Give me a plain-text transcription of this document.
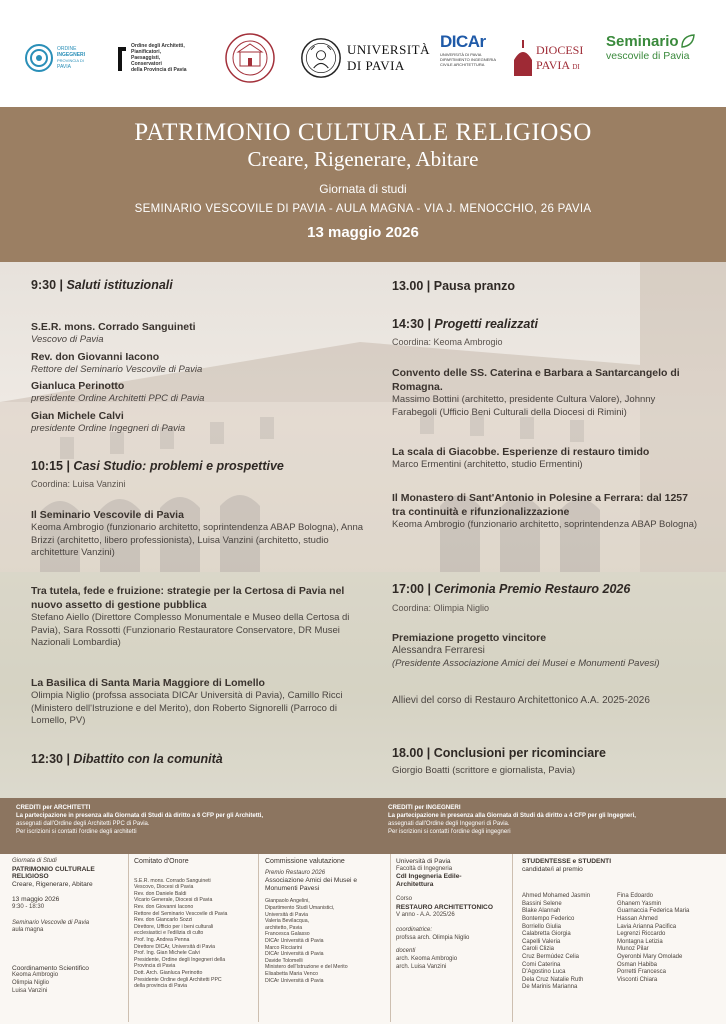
ORDINE
INGEGNERI
PROVINCIA DI
PAVIA
Ordine degli Architetti,
Pianificatori,
Paesaggisti,
Conservatori
della Provincia di Pavia
UNIVERSITÀ
DI PAVIA
DICAr
UNIVERSITÀ DI PAVIA
DIPARTIMENTO INGEGNERIA
CIVILE ARCHITETTURA
DIOCESI
PAVIA DI
Seminario
vescovile di Pavia
PATRIMONIO CULTURALE RELIGIOSO
Creare, Rigenerare, Abitare
Giornata di studi
SEMINARIO VESCOVILE DI PAVIA - AULA MAGNA - VIA J. MENOCCHIO, 26 PAVIA
13 maggio 2026
9:30 | Saluti istituzionali
S.E.R. mons. Corrado Sanguineti
Vescovo di Pavia
Rev. don Giovanni Iacono
Rettore del Seminario Vescovile di Pavia
Gianluca Perinotto
presidente Ordine Architetti PPC di Pavia
Gian Michele Calvi
presidente Ordine Ingegneri di Pavia
10:15 | Casi Studio: problemi e prospettive
Coordina: Luisa Vanzini
Il Seminario Vescovile di Pavia
Keoma Ambrogio (funzionario architetto, soprintendenza ABAP Bologna), Anna Brizzi (architetto, libero professionista), Luisa Vanzini (architetto, studio architetture Vanzini)
Tra tutela, fede e fruizione: strategie per la Certosa di Pavia nel nuovo assetto di gestione pubblica
Stefano Aiello (Direttore Complesso Monumentale e Museo della Certosa di Pavia), Sara Rossotti (Funzionario Restauratore Conservatore, DR Musei Nazionali Lombardia)
La Basilica di Santa Maria Maggiore di Lomello
Olimpia Niglio (profssa associata DICAr Università di Pavia), Camillo Ricci (Ministero dell'Istruzione e del Merito), don Roberto Signorelli (Parroco di Lomello, PV)
12:30 | Dibattito con la comunità
13.00 | Pausa pranzo
14:30 | Progetti realizzati
Coordina: Keoma Ambrogio
Convento delle SS. Caterina e Barbara a Santarcangelo di Romagna.
Massimo Bottini (architetto, presidente Cultura Valore), Johnny Farabegoli (Ufficio Beni Culturali della Diocesi di Rimini)
La scala di Giacobbe. Esperienze di restauro timido
Marco Ermentini (architetto, studio Ermentini)
Il Monastero di Sant'Antonio in Polesine a Ferrara: dal 1257 tra continuità e rifunzionalizzazione
Keoma Ambrogio (funzionario architetto, soprintendenza ABAP Bologna)
17:00 | Cerimonia Premio Restauro 2026
Coordina: Olimpia Niglio
Premiazione progetto vincitore
Alessandra Ferraresi
(Presidente Associazione Amici dei Musei e Monumenti Pavesi)
Allievi del corso di Restauro Architettonico A.A. 2025-2026
18.00 | Conclusioni per ricominciare
Giorgio Boatti (scrittore e giornalista, Pavia)
CREDITI per ARCHITETTI
La partecipazione in presenza alla Giornata di Studi dà diritto a 6 CFP per gli Architetti,
assegnati dall'Ordine degli Architetti PPC di Pavia.
Per iscrizioni si contatti l'ordine degli architetti
CREDITI per INGEGNERI
La partecipazione in presenza alla Giornata di Studi dà diritto a 4 CFP per gli Ingegneri,
assegnati dall'Ordine degli Ingegneri di Pavia.
Per iscrizioni si contatti l'ordine degli ingegneri
Giornata di Studi
PATRIMONIO CULTURALE
RELIGIOSO
Creare, Rigenerare, Abitare
13 maggio 2026
9:30 - 18:30
Seminario Vescovile di Pavia
aula magna
Coordinamento Scientifico
Keoma Ambrogio
Olimpia Niglio
Luisa Vanzini
Comitato d'Onore
S.E.R. mons. Corrado Sanguineti
Vescovo, Diocesi di Pavia
Rev. don Daniele Baldi
Vicario Generale, Diocesi di Pavia
Rev. don Giovanni Iacono
Rettore del Seminario Vescovile di Pavia
Rev. don Giancarlo Sozzi
Direttore, Ufficio per i beni culturali
ecclesiastici e l'edilizia di culto
Prof. Ing. Andrea Penna
Direttore DICAr, Università di Pavia
Prof. Ing. Gian Michele Calvi
Presidente, Ordine degli Ingegneri della
Provincia di Pavia
Dott. Arch. Gianluca Perinotto
Presidente Ordine degli Architetti PPC
della provincia di Pavia
Commissione valutazione
Premio Restauro 2026
Associazione Amici dei Musei e
Monumenti Pavesi
Gianpaolo Angelini,
Dipartimento Studi Umanistici,
Università di Pavia
Valeria Bevilacqua,
architetto, Pavia
Francesca Galasso
DICAr Università di Pavia
Marco Ricciarini
DICAr Università di Pavia
Davide Tolomelli
Ministero dell'Istruzione e del Merito
Elisabetta Maria Venco
DICAr Università di Pavia
Università di Pavia
Facoltà di Ingegneria
CdI Ingegneria Edile-
Architettura
Corso
RESTAURO ARCHITETTONICO
V anno - A.A. 2025/26
coordinatrice:
profssa arch. Olimpia Niglio
docenti
arch. Keoma Ambrogio
arch. Luisa Vanzini
STUDENTESSE e STUDENTI
candidate/i al premio
Ahmed Mohamed Jasmin
Bassini Selene
Blake Alannah
Bontempo Federico
Borriello Giulia
Calabretta Giorgia
Capelli Valeria
Caroli Clizia
Cruz Bermúdez Celia
Comi Caterina
D'Agostino Luca
Dela Cruz Natalie Ruth
De Marinis Marianna
Fina Edoardo
Ghanem Yasmin
Guarnaccia Federica Maria
Hassan Ahmed
Lavia Arianna Pacifica
Legrenzi Riccardo
Montagna Letizia
Munoz Pilar
Oyeronbi Mary Omolade
Osman Habiba
Porretti Francesca
Visconti Chiara
